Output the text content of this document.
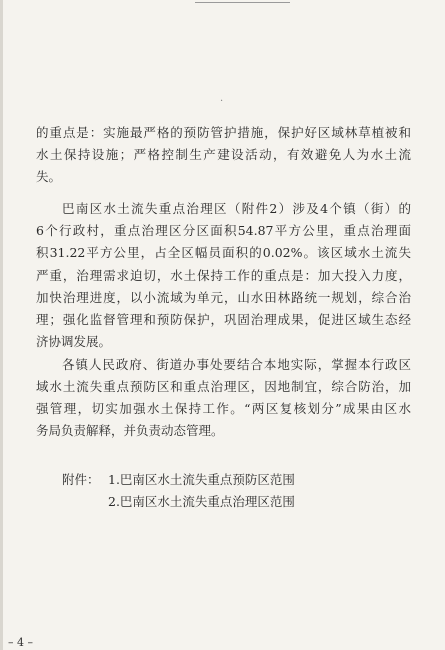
·
的重点是：实施最严格的预防管护措施，保护好区域林草植被和
水土保持设施；严格控制生产建设活动，有效避免人为水土流
失。
巴南区水土流失重点治理区（附件2）涉及4个镇（街）的
6个行政村，重点治理区分区面积54.87平方公里，重点治理面
积31.22平方公里，占全区幅员面积的0.02%。该区域水土流失
严重，治理需求迫切，水土保持工作的重点是：加大投入力度，
加快治理进度，以小流域为单元，山水田林路统一规划，综合治
理；强化监督管理和预防保护，巩固治理成果，促进区域生态经
济协调发展。
各镇人民政府、街道办事处要结合本地实际，掌握本行政区
域水土流失重点预防区和重点治理区，因地制宜，综合防治，加
强管理，切实加强水土保持工作。“两区复核划分”成果由区水
务局负责解释，并负责动态管理。
附件： 1.巴南区水土流失重点预防区范围
2.巴南区水土流失重点治理区范围
– 4 –
